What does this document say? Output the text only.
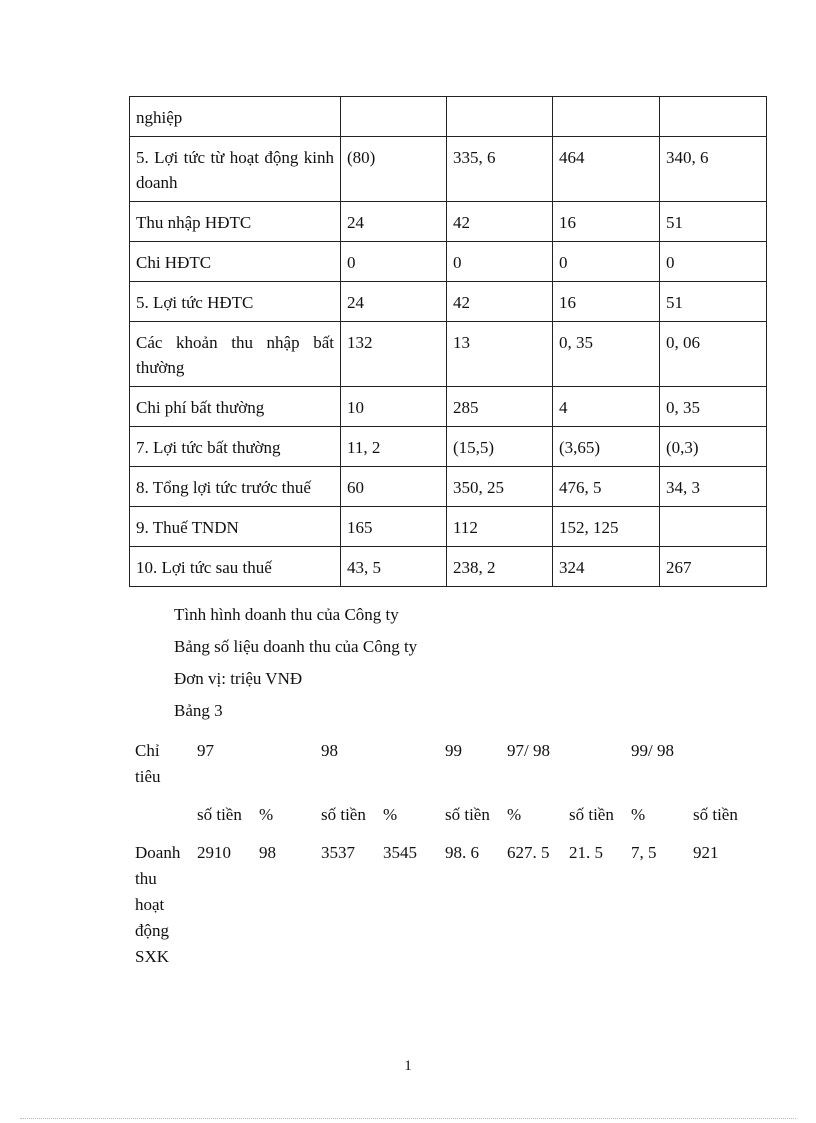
nghiệp				
5. Lợi tức từ hoạt động kinh doanh	(80)	335, 6	464	340, 6
Thu nhập HĐTC	24	42	16	51
Chi HĐTC	0	0	0	0
5. Lợi tức HĐTC	24	42	16	51
Các khoản thu nhập bất thường	132	13	0, 35	0, 06
Chi phí bất thường	10	285	4	0, 35
7. Lợi tức bất thường	11, 2	(15,5)	(3,65)	(0,3)
8. Tổng lợi tức trước thuế	60	350, 25	476, 5	34, 3
9. Thuế TNDN	165	112	152, 125	
10. Lợi tức sau thuế	43, 5	238, 2	324	267
Tình hình doanh thu của Công ty
Bảng số liệu doanh thu của Công ty
Đơn vị: triệu VNĐ
Bảng 3
Chỉ tiêu	97		98		99	97/ 98		99/ 98	
	số tiền	%	số tiền	%	số tiền	%	số tiền	%	số tiền
Doanh thu hoạt động SXK	2910	98	3537	3545	98. 6	627. 5	21. 5	7, 5	921
1
